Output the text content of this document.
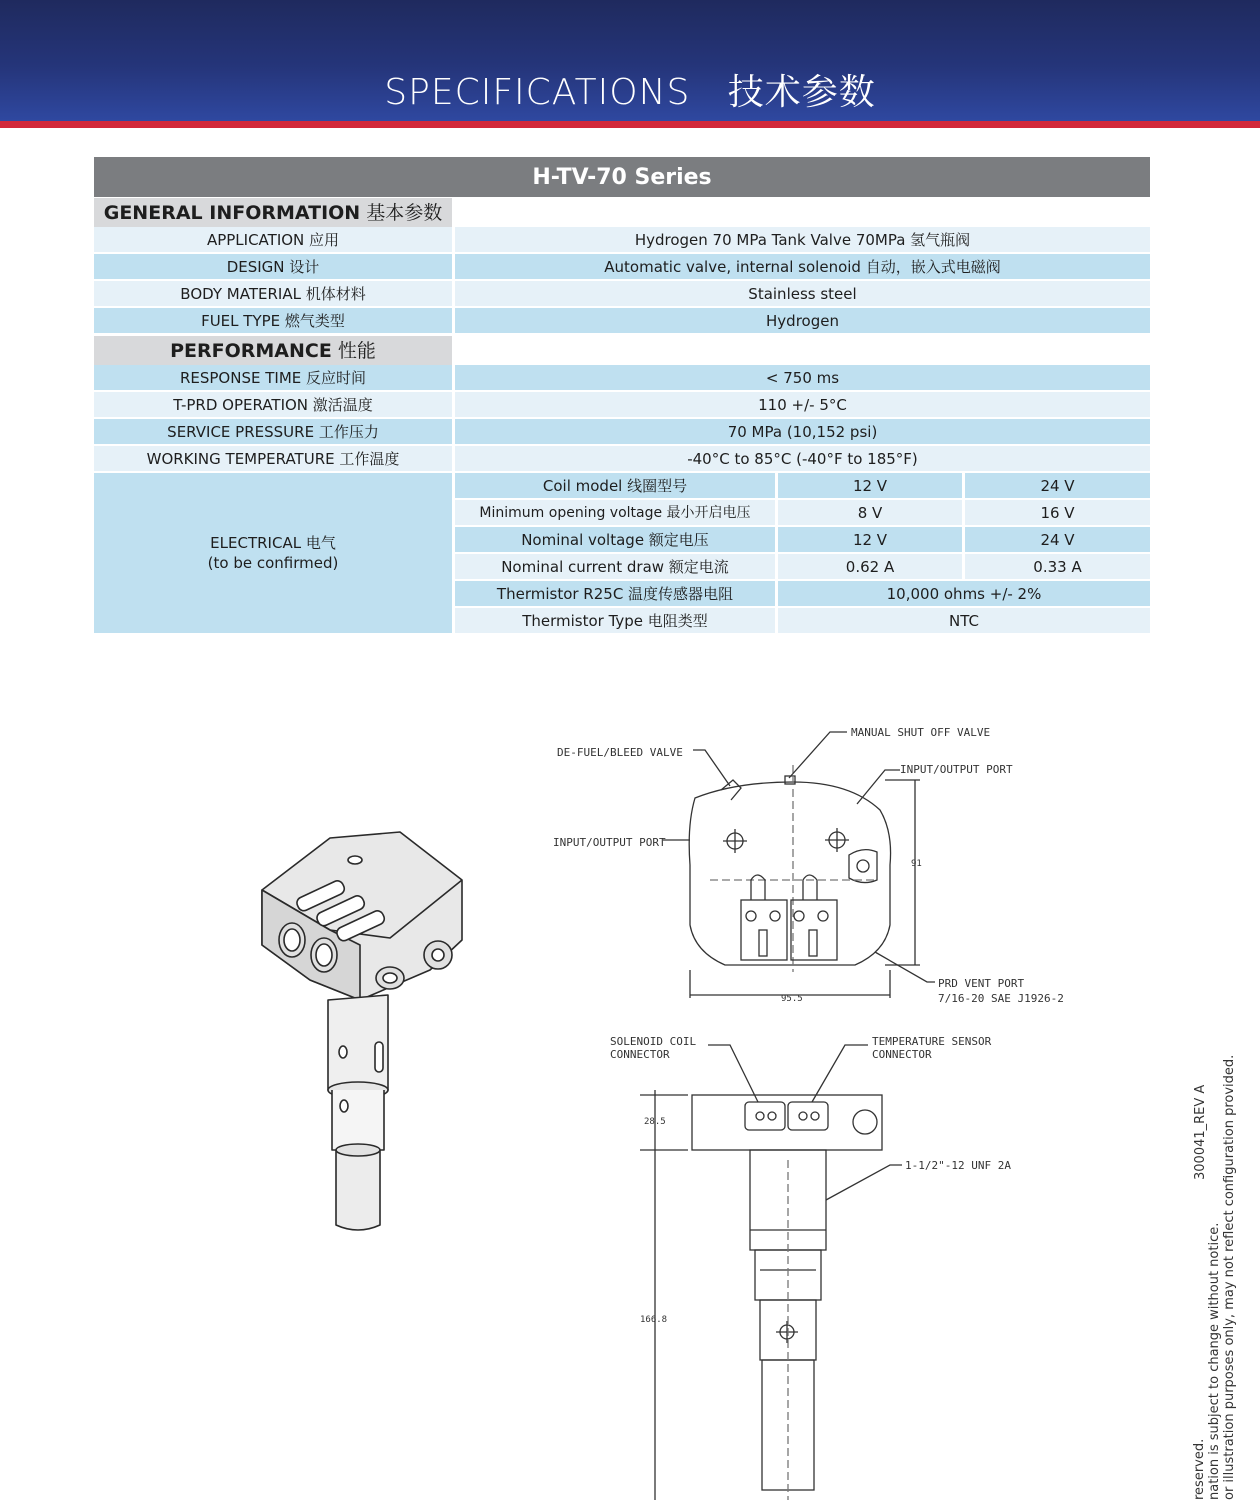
SPECIFICATIONS 技术参数
H-TV-70 Series
GENERAL INFORMATION 基本参数
APPLICATION 应用	Hydrogen 70 MPa Tank Valve 70MPa 氢气瓶阀
DESIGN 设计	Automatic valve, internal solenoid 自动，嵌入式电磁阀
BODY MATERIAL 机体材料	Stainless steel
FUEL TYPE 燃气类型	Hydrogen
PERFORMANCE 性能
RESPONSE TIME 反应时间	< 750 ms
T-PRD OPERATION 激活温度	110 +/- 5°C
SERVICE PRESSURE 工作压力	70 MPa (10,152 psi)
WORKING TEMPERATURE 工作温度	-40°C to 85°C (-40°F to 185°F)
ELECTRICAL 电气
(to be confirmed)
Coil model 线圈型号	12 V	24 V
Minimum opening voltage 最小开启电压	8 V	16 V
Nominal voltage 额定电压	12 V	24 V
Nominal current draw 额定电流	0.62 A	0.33 A
Thermistor R25C 温度传感器电阻	10,000 ohms +/- 2%
Thermistor Type 电阻类型	NTC
MANUAL SHUT OFF VALVE
DE-FUEL/BLEED VALVE
INPUT/OUTPUT PORT
INPUT/OUTPUT PORT
PRD VENT PORT
7/16-20 SAE J1926-2
91
95.5
SOLENOID COIL
CONNECTOR
TEMPERATURE SENSOR
CONNECTOR
1-1/2"-12 UNF 2A
28.5
166.8
300041_REV A or illustration purposes only, may not reflect configuration provided.
nation is subject to change without notice.
reserved.
